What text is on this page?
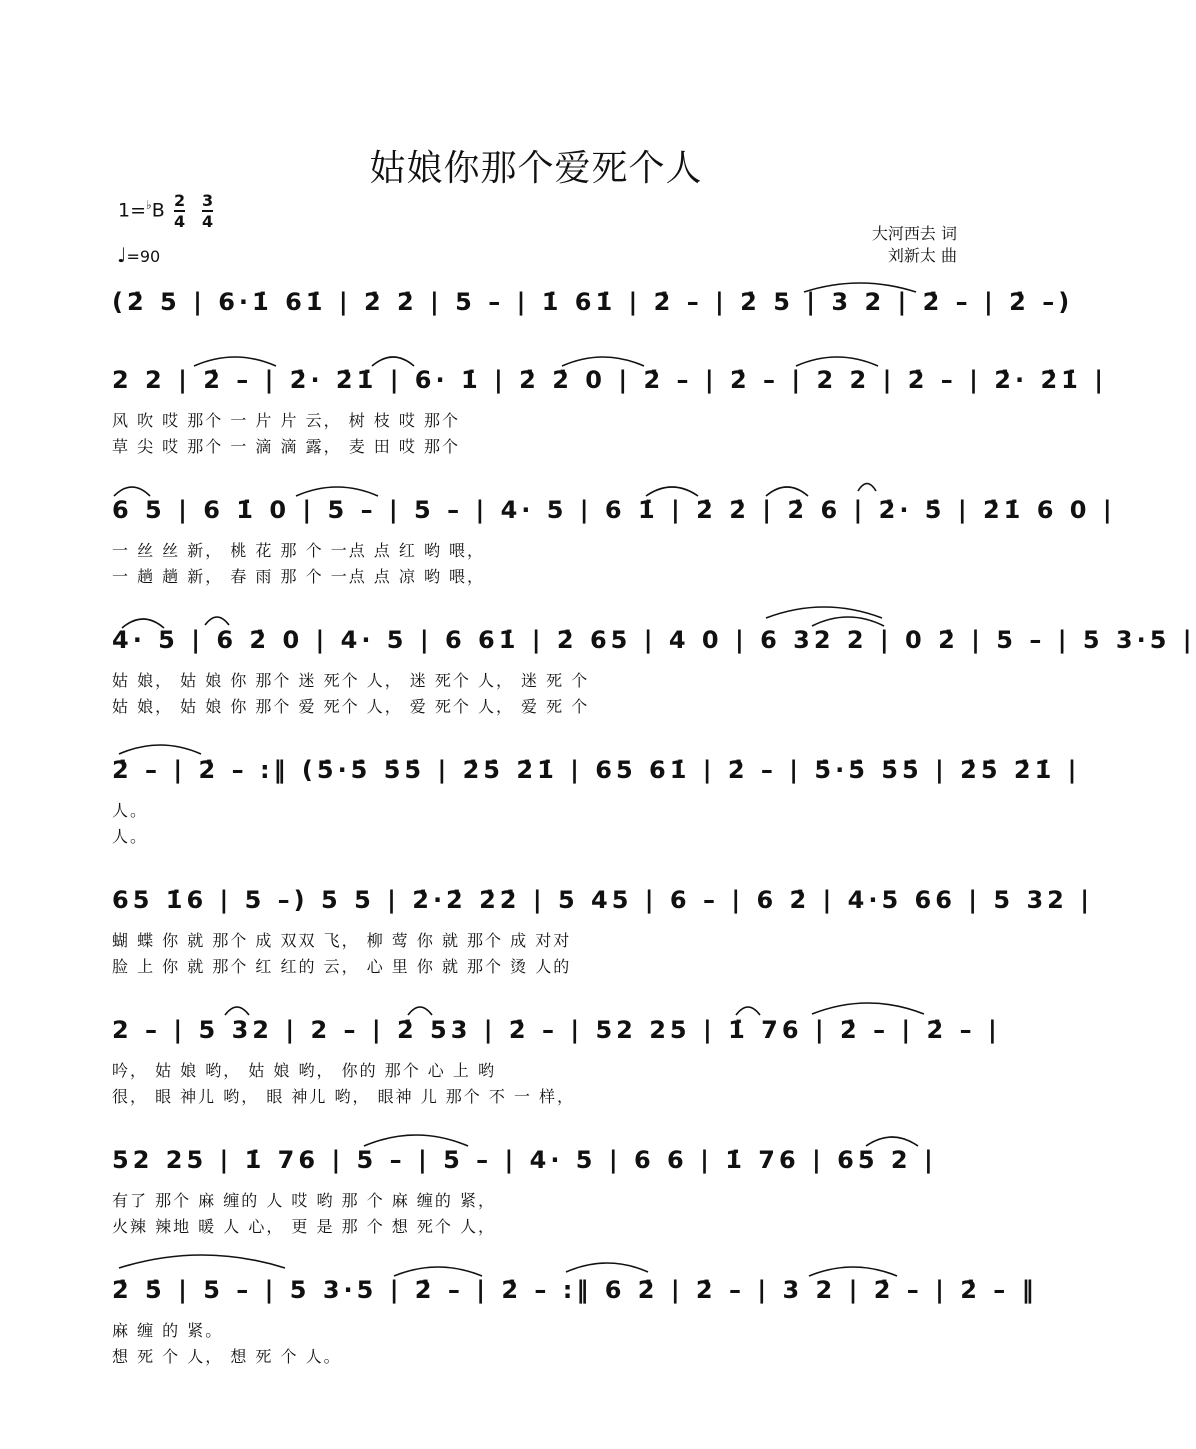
姑娘你那个爱死个人
1=♭B 2
4
3
4
♩=90
大河西去 词
刘新太 曲
(2̇ 5 | 6·1̇ 61̇ | 2̇ 2̇ | 5 – | 1̇ 61̇ | 2̇ – | 2̇ 5 | 3 2 | 2̇ – | 2̇ –)
2 2 | 2̇ – | 2̇· 2̇1̇ | 6· 1̇ | 2̇ 2̇ 0 | 2̇ – | 2̇ – | 2 2 | 2̇ – | 2̇· 2̇1̇ |
风 吹 哎 那个 一 片 片 云， 树 枝 哎 那个
草 尖 哎 那个 一 滴 滴 露， 麦 田 哎 那个
6 5 | 6 1̇ 0 | 5 – | 5 – | 4· 5 | 6 1̇ | 2̇ 2̇ | 2̇ 6 | 2̇· 5̇ | 2̇1̇ 6 0 |
一 丝 丝 新， 桃 花 那 个 一点 点 红 哟 喂，
一 趟 趟 新， 春 雨 那 个 一点 点 凉 哟 喂，
4· 5 | 6 2̇ 0 | 4· 5 | 6 61̇ | 2̇ 65 | 4 0 | 6 32 2 | 0 2̇ | 5 – | 5 3·5 |
姑 娘， 姑 娘 你 那个 迷 死个 人， 迷 死个 人， 迷 死 个
姑 娘， 姑 娘 你 那个 爱 死个 人， 爱 死个 人， 爱 死 个
2̇ – | 2̇ – :‖ (5̇·5̇ 5̇5̇ | 2̇5̇ 2̇1̇ | 65 61̇ | 2̇ – | 5̇·5̇ 5̇5̇ | 2̇5̇ 2̇1̇ |
人。
人。
65 1̇6 | 5 –) 5 5 | 2̇·2̇ 2̇2̇ | 5 45 | 6 – | 6 2̇ | 4·5 66 | 5 32 |
蝴 蝶 你 就 那个 成 双双 飞， 柳 莺 你 就 那个 成 对对
脸 上 你 就 那个 红 红的 云， 心 里 你 就 那个 烫 人的
2 – | 5 32 | 2 – | 2̇ 53 | 2̇ – | 52 25 | 1̇ 76 | 2̇ – | 2̇ – |
吟， 姑 娘 哟， 姑 娘 哟， 你的 那个 心 上 哟
很， 眼 神儿 哟， 眼 神儿 哟， 眼神 儿 那个 不 一 样，
52 25 | 1̇ 76 | 5 – | 5 – | 4· 5 | 6 6 | 1̇ 76 | 65 2 |
有了 那个 麻 缠的 人 哎 哟 那 个 麻 缠的 紧，
火辣 辣地 暖 人 心， 更 是 那 个 想 死个 人，
2̇ 5̇ | 5 – | 5 3·5 | 2̇ – | 2̇ – :‖ 6 2̇ | 2̇ – | 3 2 | 2̇ – | 2̇ – ‖
麻 缠 的 紧。
想 死 个 人， 想 死 个 人。
